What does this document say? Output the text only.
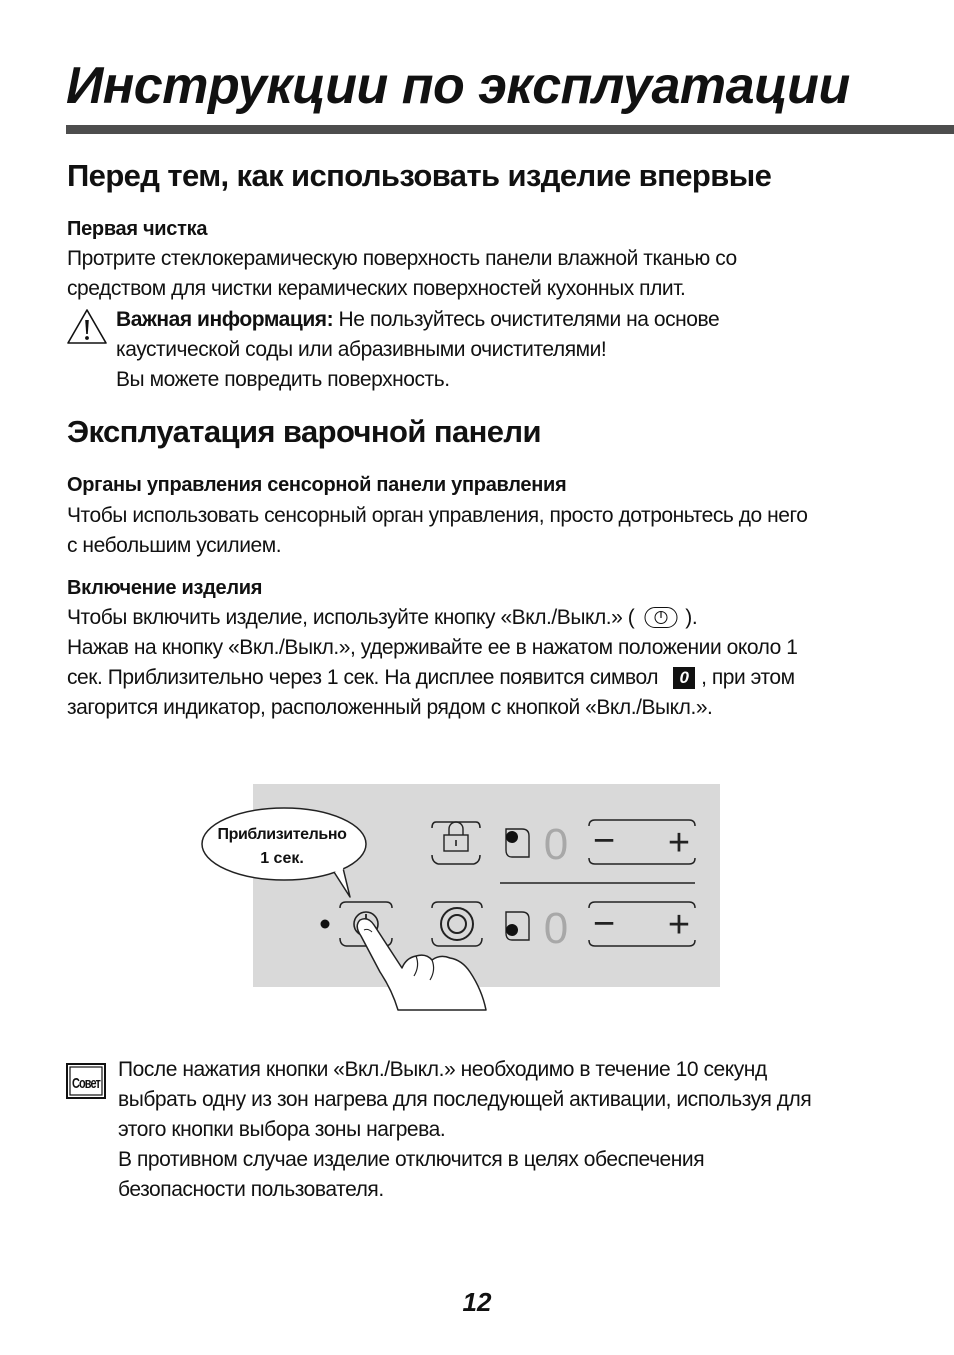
Инструкции по эксплуатации
Перед тем, как использовать изделие впервые
Первая чистка

Протрите стеклокерамическую поверхность панели влажной тканью со

средством для чистки керамических поверхностей кухонных плит.

Важная информация: Не пользуйтесь очистителями на основе

каустической соды или абразивными очистителями!

Вы можете повредить поверхность.

Эксплуатация варочной панели
Органы управления сенсорной панели управления

Чтобы использовать сенсорный орган управления, просто дотроньтесь до него

с небольшим усилием.

Включение изделия

Чтобы включить изделие, используйте кнопку «Вкл./Выкл.» ( ).

Нажав на кнопку «Вкл./Выкл.», удерживайте ее в нажатом положении около 1

сек. Приблизительно через 1 сек. На дисплее появится символ 0 , при этом

загорится индикатор, расположенный рядом с кнопкой «Вкл./Выкл.».

0 − +
0 − +
Приблизительно
1 сек.
Совет

После нажатия кнопки «Вкл./Выкл.» необходимо в течение 10 секунд

выбрать одну из зон нагрева для последующей активации, используя для

этого кнопки выбора зоны нагрева.

В противном случае изделие отключится в целях обеспечения

безопасности пользователя.

12
